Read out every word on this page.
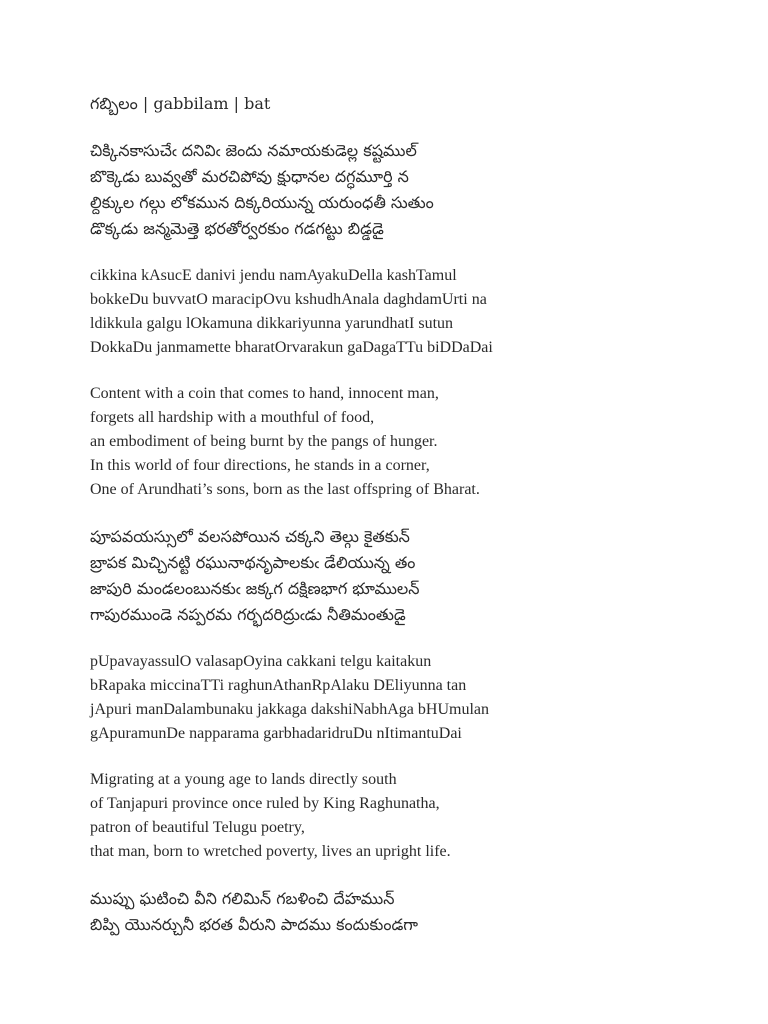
గబ్బిలం | gabbilam | bat
చిక్కినకాసుచేఁ దనివిఁ జెందు నమాయకుడెల్ల కష్టముల్
బొక్కెడు బువ్వతో మరచిపోవు క్షుధానల దగ్ధమూర్తి న
ల్దిక్కుల గల్గు లోకమున దిక్కరియున్న యరుంధతీ సుతుం
డొక్కడు జన్మమెత్తె భరతోర్వరకుం గడగట్టు బిడ్డడై
cikkina kAsucE danivi jendu namAyakuDella kashTamul
bokkeDu buvvatO maracipOvu kshudhAnala daghdamUrti na
ldikkula galgu lOkamuna dikkariyunna yarundhatI sutun
DokkaDu janmamette bharatOrvarakun gaDagaTTu biDDaDai
Content with a coin that comes to hand, innocent man,
forgets all hardship with a mouthful of food,
an embodiment of being burnt by the pangs of hunger.
In this world of four directions, he stands in a corner,
One of Arundhati’s sons, born as the last offspring of Bharat.
పూపవయస్సులో వలసపోయిన చక్కని తెల్గు కైతకున్
బ్రాపక మిచ్చినట్టి రఘునాథనృపాలకుఁ డేలియున్న తం
జాపురి మండలంబునకుఁ జక్కగ దక్షిణభాగ భూములన్
గాపురముండె నప్పరమ గర్భదరిద్రుఁడు నీతిమంతుడై
pUpavayassulO valasapOyina cakkani telgu kaitakun
bRapaka miccinaTTi raghunAthanRpAlaku DEliyunna tan
jApuri manDalambunaku jakkaga dakshiNabhAga bHUmulan
gApuramunDe napparama garbhadaridruDu nItimantuDai
Migrating at a young age to lands directly south
of Tanjapuri province once ruled by King Raghunatha,
patron of beautiful Telugu poetry,
that man, born to wretched poverty, lives an upright life.
ముప్పు ఘటించి వీని గలిమిన్ గబళించి దేహమున్
బిప్పి యొనర్చునీ భరత వీరుని పాదము కందుకుండగా
